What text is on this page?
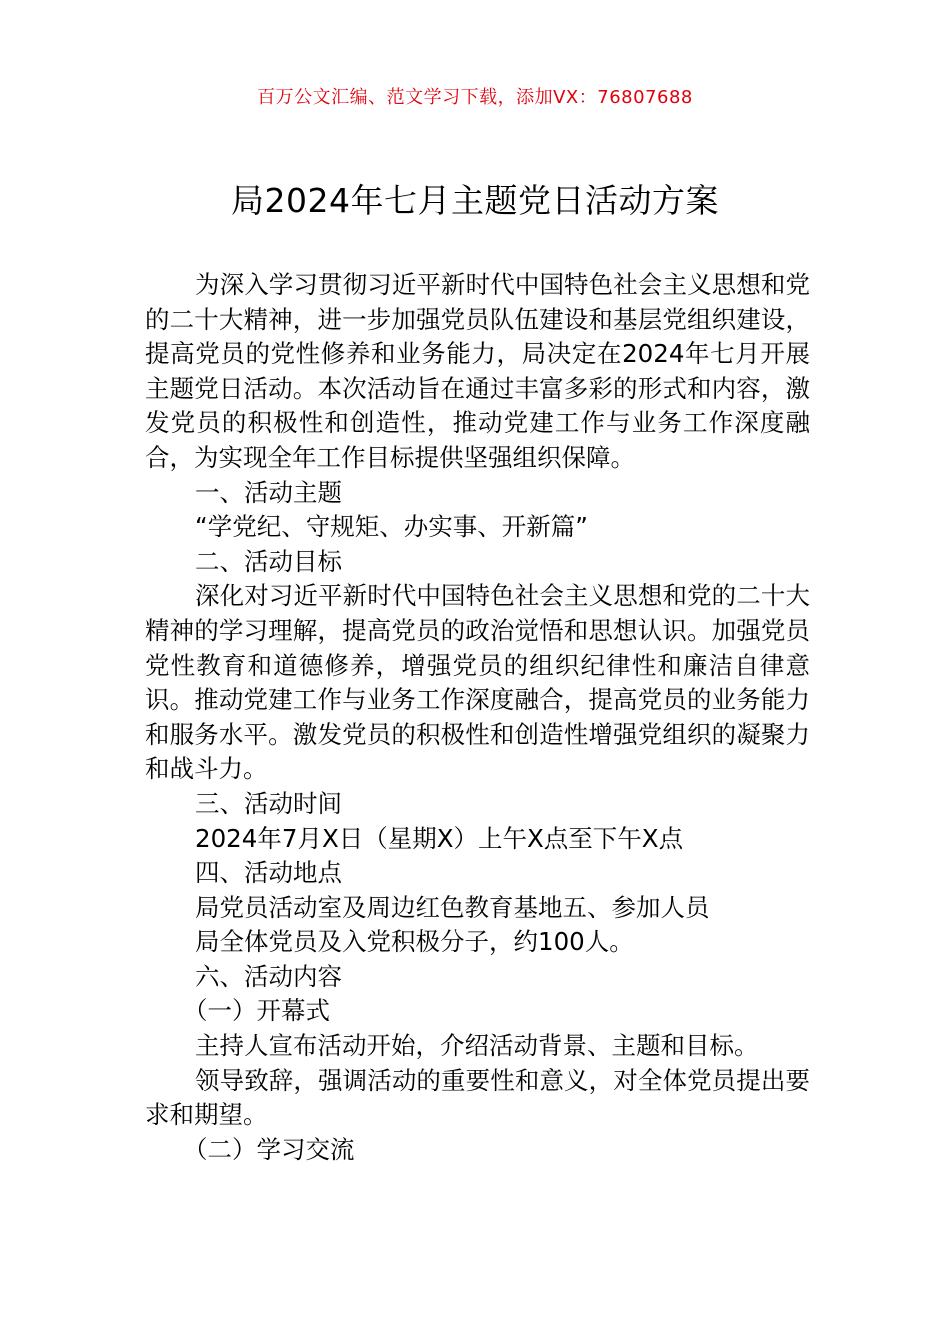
百万公文汇编、范文学习下载，添加VX：76807688
局2024年七月主题党日活动方案

为深入学习贯彻习近平新时代中国特色社会主义思想和党的二十大精神，进一步加强党员队伍建设和基层党组织建设，提高党员的党性修养和业务能力，局决定在2024年七月开展主题党日活动。本次活动旨在通过丰富多彩的形式和内容，激发党员的积极性和创造性，推动党建工作与业务工作深度融合，为实现全年工作目标提供坚强组织保障。

一、活动主题

“学党纪、守规矩、办实事、开新篇”

二、活动目标

深化对习近平新时代中国特色社会主义思想和党的二十大精神的学习理解，提高党员的政治觉悟和思想认识。加强党员党性教育和道德修养，增强党员的组织纪律性和廉洁自律意识。推动党建工作与业务工作深度融合，提高党员的业务能力和服务水平。激发党员的积极性和创造性增强党组织的凝聚力和战斗力。

三、活动时间

2024年7月X日（星期X）上午X点至下午X点

四、活动地点

局党员活动室及周边红色教育基地五、参加人员

局全体党员及入党积极分子，约100人。

六、活动内容

（一）开幕式

主持人宣布活动开始，介绍活动背景、主题和目标。

领导致辞，强调活动的重要性和意义，对全体党员提出要求和期望。

（二）学习交流
